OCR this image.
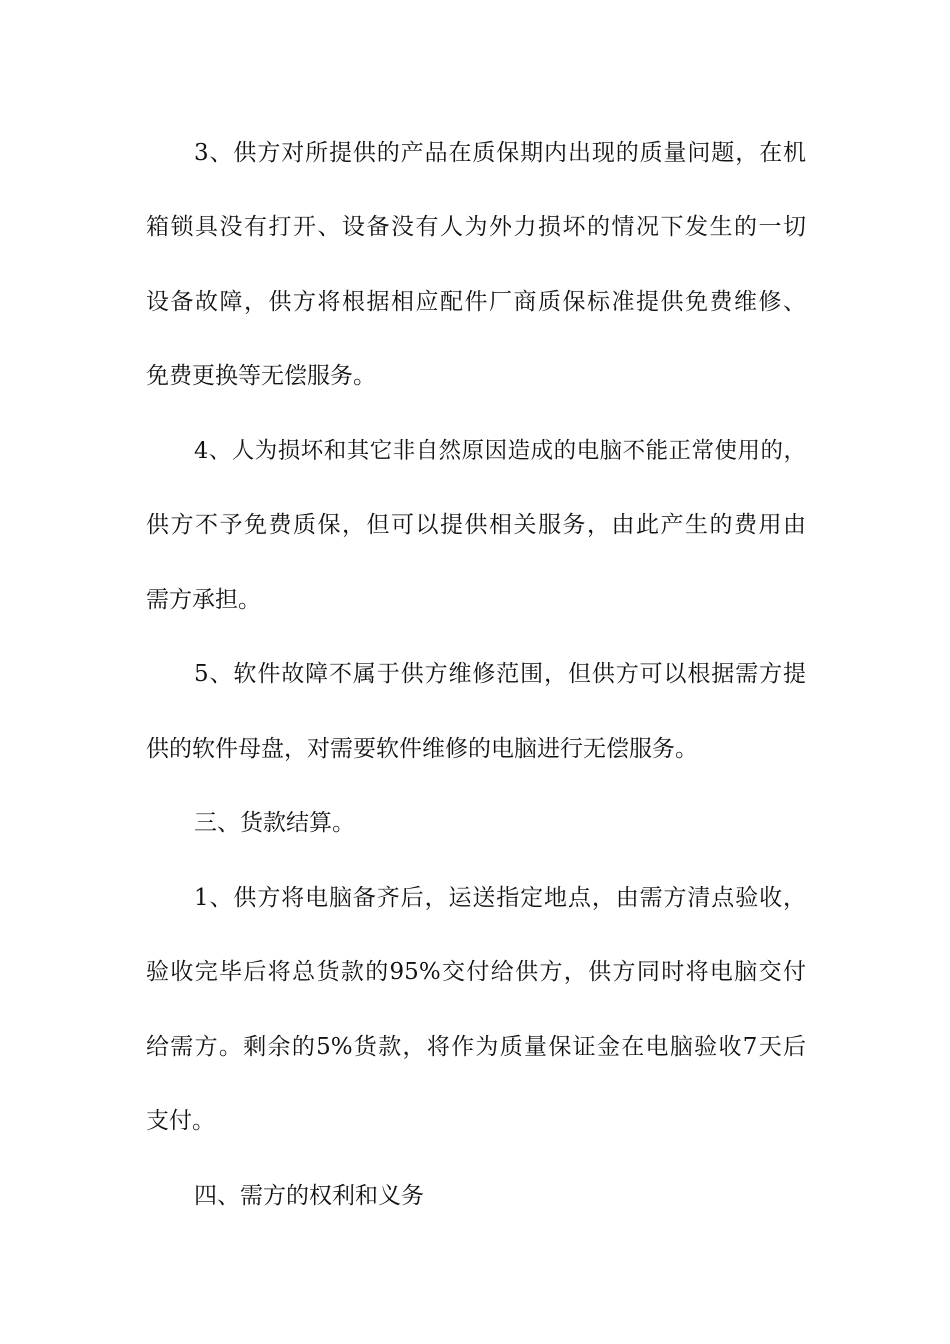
3、供方对所提供的产品在质保期内出现的质量问题，在机
箱锁具没有打开、设备没有人为外力损坏的情况下发生的一切
设备故障，供方将根据相应配件厂商质保标准提供免费维修、
免费更换等无偿服务。
4、人为损坏和其它非自然原因造成的电脑不能正常使用的，
供方不予免费质保，但可以提供相关服务，由此产生的费用由
需方承担。
5、软件故障不属于供方维修范围，但供方可以根据需方提
供的软件母盘，对需要软件维修的电脑进行无偿服务。
三、货款结算。
1、供方将电脑备齐后，运送指定地点，由需方清点验收，
验收完毕后将总货款的95%交付给供方，供方同时将电脑交付
给需方。剩余的5%货款，将作为质量保证金在电脑验收7天后
支付。
四、需方的权利和义务
